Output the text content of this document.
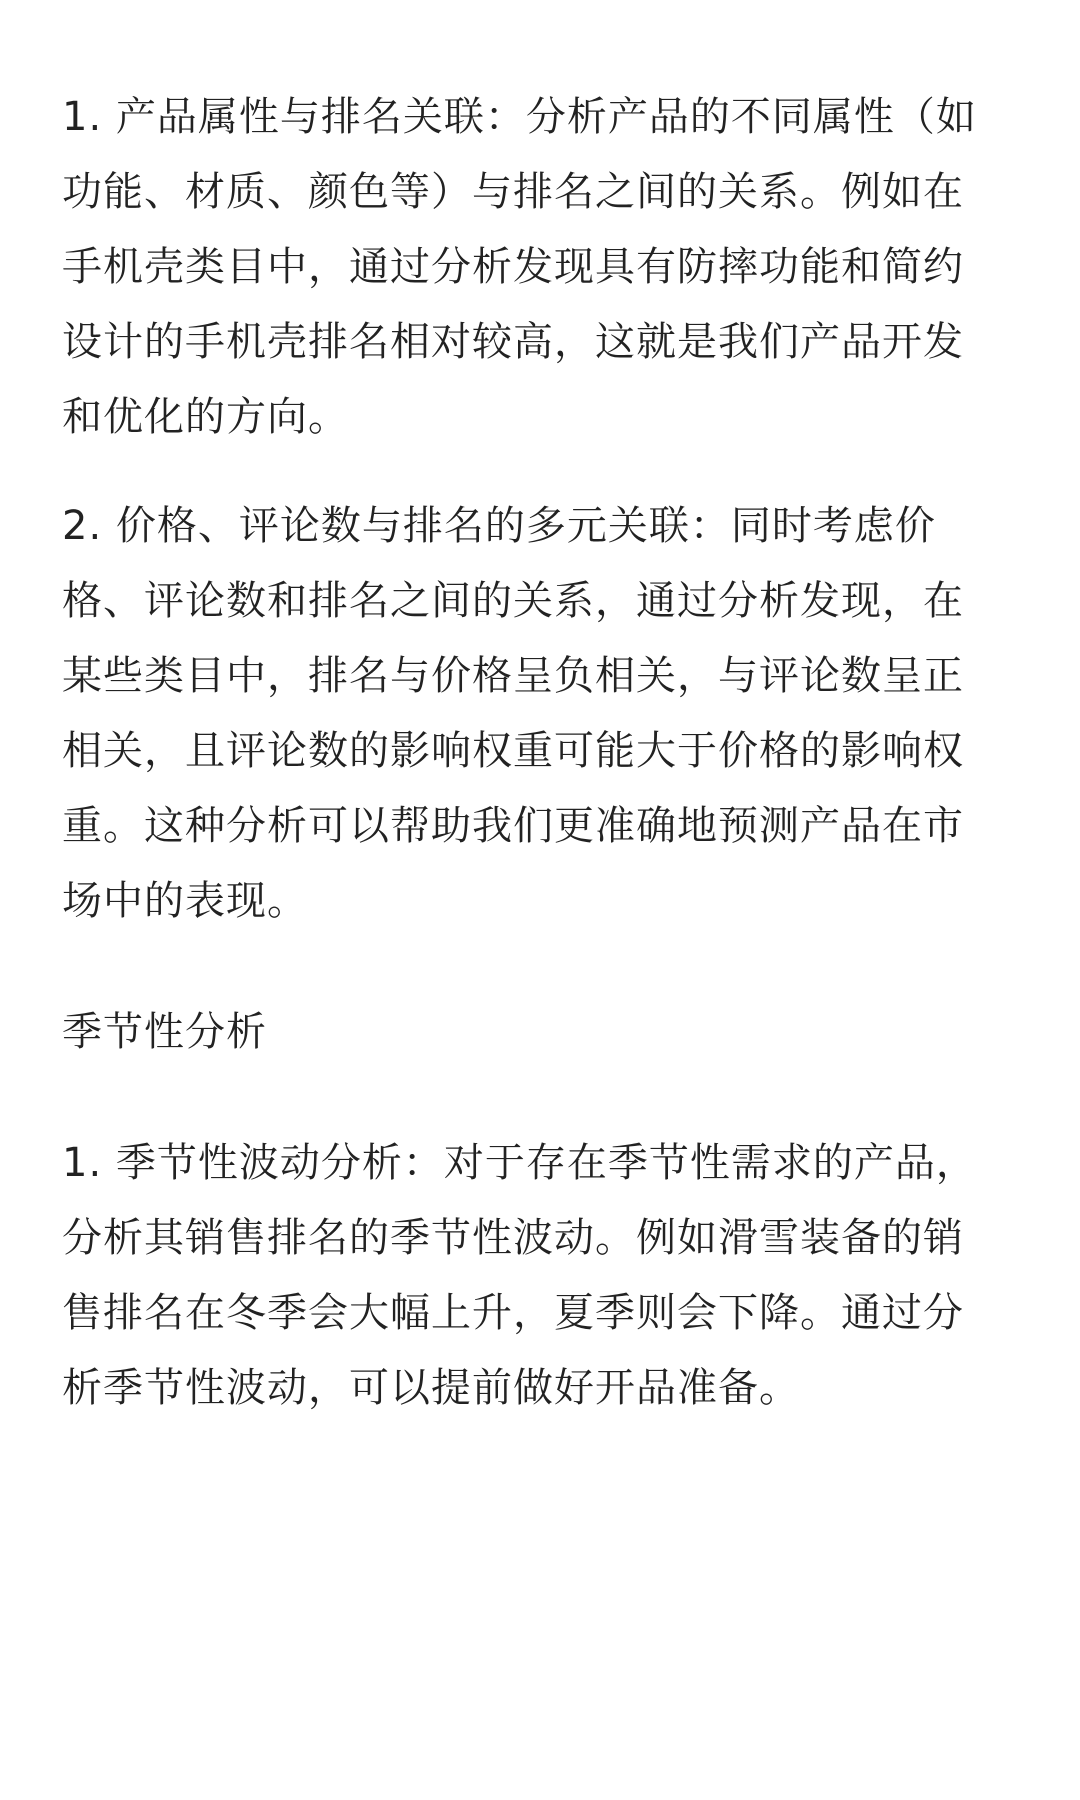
1. 产品属性与排名关联：分析产品的不同属性（如
功能、材质、颜色等）与排名之间的关系。例如在
手机壳类目中，通过分析发现具有防摔功能和简约
设计的手机壳排名相对较高，这就是我们产品开发
和优化的方向。

2. 价格、评论数与排名的多元关联：同时考虑价
格、评论数和排名之间的关系，通过分析发现，在
某些类目中，排名与价格呈负相关，与评论数呈正
相关，且评论数的影响权重可能大于价格的影响权
重。这种分析可以帮助我们更准确地预测产品在市
场中的表现。

季节性分析

1. 季节性波动分析：对于存在季节性需求的产品，
分析其销售排名的季节性波动。例如滑雪装备的销
售排名在冬季会大幅上升，夏季则会下降。通过分
析季节性波动，可以提前做好开品准备。
